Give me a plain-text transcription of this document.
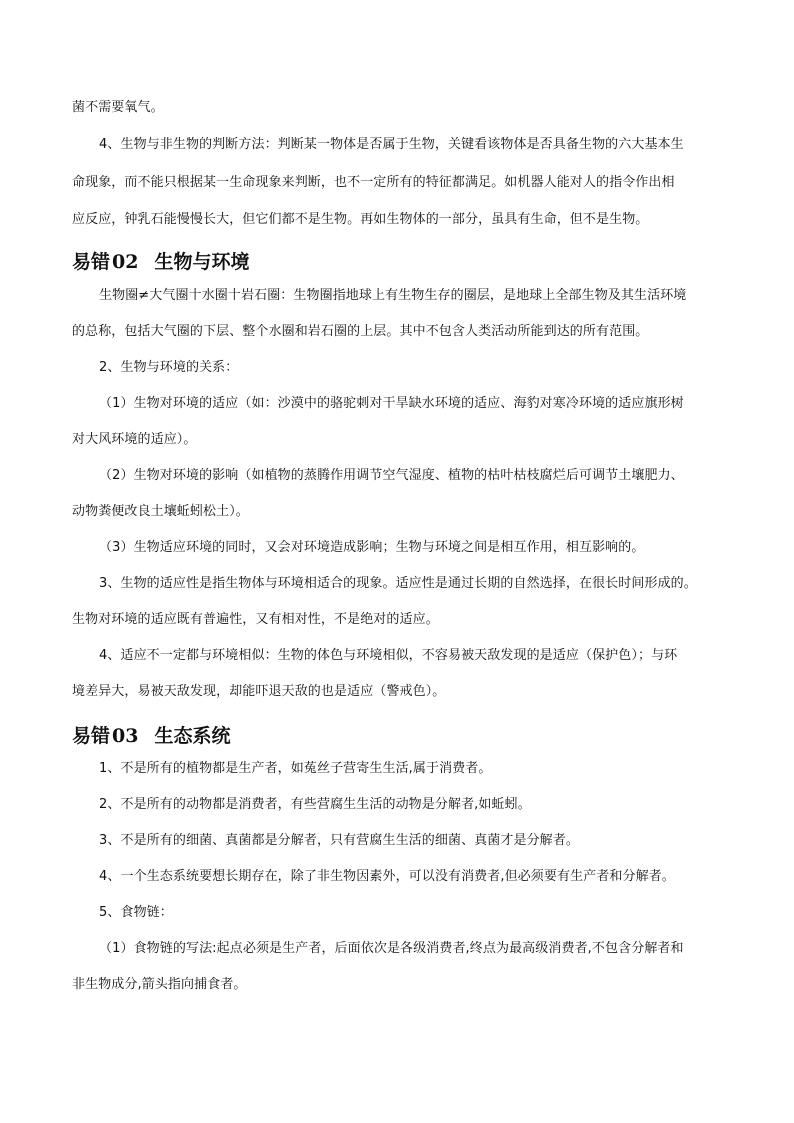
菌不需要氧气。
4、生物与非生物的判断方法：判断某一物体是否属于生物，关键看该物体是否具备生物的六大基本生
命现象，而不能只根据某一生命现象来判断，也不一定所有的特征都满足。如机器人能对人的指令作出相
应反应，钟乳石能慢慢长大，但它们都不是生物。再如生物体的一部分，虽具有生命，但不是生物。
易错 02 生物与环境
生物圈≠大气圈十水圈十岩石圈：生物圈指地球上有生物生存的圈层，是地球上全部生物及其生活环境
的总称，包括大气圈的下层、整个水圈和岩石圈的上层。其中不包含人类活动所能到达的所有范围。
2、生物与环境的关系：
（1）生物对环境的适应（如：沙漠中的骆驼刺对干旱缺水环境的适应、海豹对寒冷环境的适应旗形树
对大风环境的适应）。
（2）生物对环境的影响（如植物的蒸腾作用调节空气湿度、植物的枯叶枯枝腐烂后可调节土壤肥力、
动物粪便改良土壤蚯蚓松土）。
（3）生物适应环境的同时，又会对环境造成影响；生物与环境之间是相互作用，相互影响的。
3、生物的适应性是指生物体与环境相适合的现象。适应性是通过长期的自然选择，在很长时间形成的。
生物对环境的适应既有普遍性，又有相对性，不是绝对的适应。
4、适应不一定都与环境相似：生物的体色与环境相似，不容易被天敌发现的是适应（保护色）；与环
境差异大，易被天敌发现，却能吓退天敌的也是适应（警戒色）。
易错 03 生态系统
1、不是所有的植物都是生产者，如菟丝子营寄生生活,属于消费者。
2、不是所有的动物都是消费者，有些营腐生生活的动物是分解者,如蚯蚓。
3、不是所有的细菌、真菌都是分解者，只有营腐生生活的细菌、真菌才是分解者。
4、一个生态系统要想长期存在，除了非生物因素外，可以没有消费者,但必须要有生产者和分解者。
5、食物链：
（1）食物链的写法:起点必须是生产者，后面依次是各级消费者,终点为最高级消费者,不包含分解者和
非生物成分,箭头指向捕食者。
